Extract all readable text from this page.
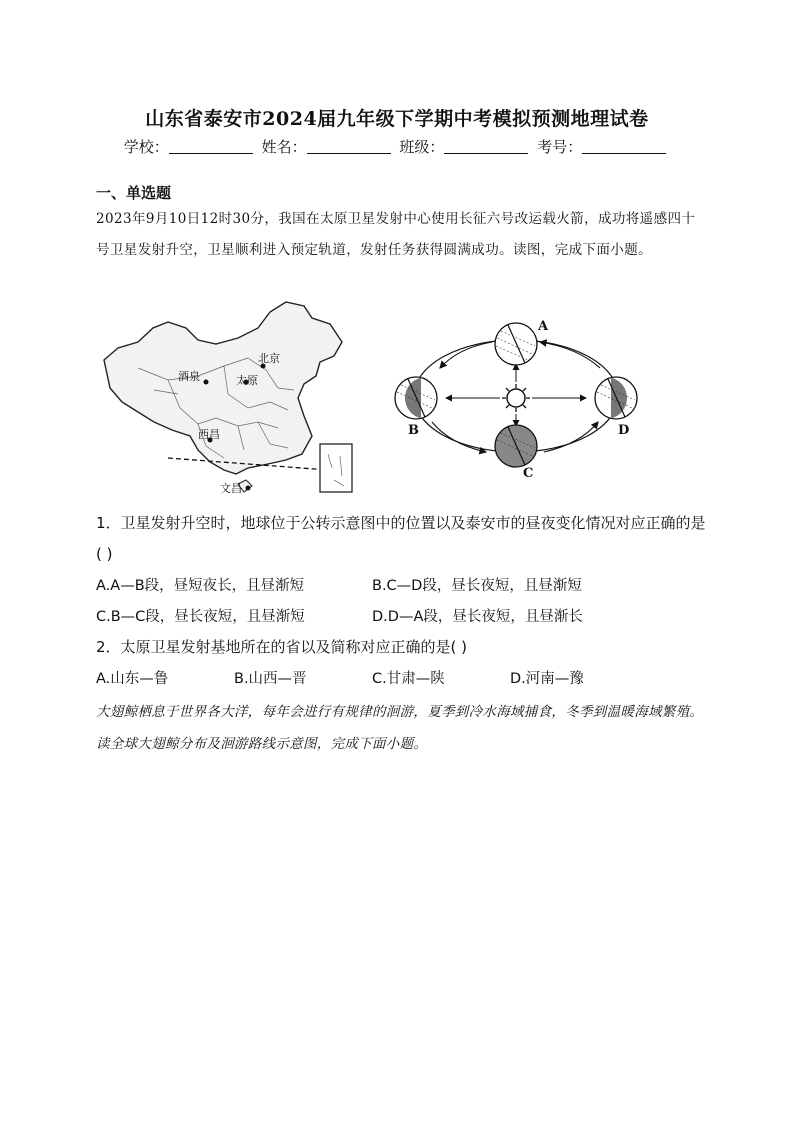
山东省泰安市2024届九年级下学期中考模拟预测地理试卷
学校：	姓名：	班级：	考号：
一、单选题
2023年9月10日12时30分，我国在太原卫星发射中心使用长征六号改运载火箭，成功将遥感四十号卫星发射升空，卫星顺利进入预定轨道，发射任务获得圆满成功。读图，完成下面小题。
北京
酒泉	太原
西昌
文昌
A
B
C
D
1．卫星发射升空时，地球位于公转示意图中的位置以及泰安市的昼夜变化情况对应正确的是( )
A.A—B段，昼短夜长，且昼渐短	B.C—D段，昼长夜短，且昼渐短
C.B—C段，昼长夜短，且昼渐短	D.D—A段，昼长夜短，且昼渐长
2．太原卫星发射基地所在的省以及简称对应正确的是( )
A.山东—鲁	B.山西—晋	C.甘肃—陕	D.河南—豫
大翅鲸栖息于世界各大洋，每年会进行有规律的洄游，夏季到冷水海域捕食，冬季到温暖海域繁殖。读全球大翅鲸分布及洄游路线示意图，完成下面小题。
